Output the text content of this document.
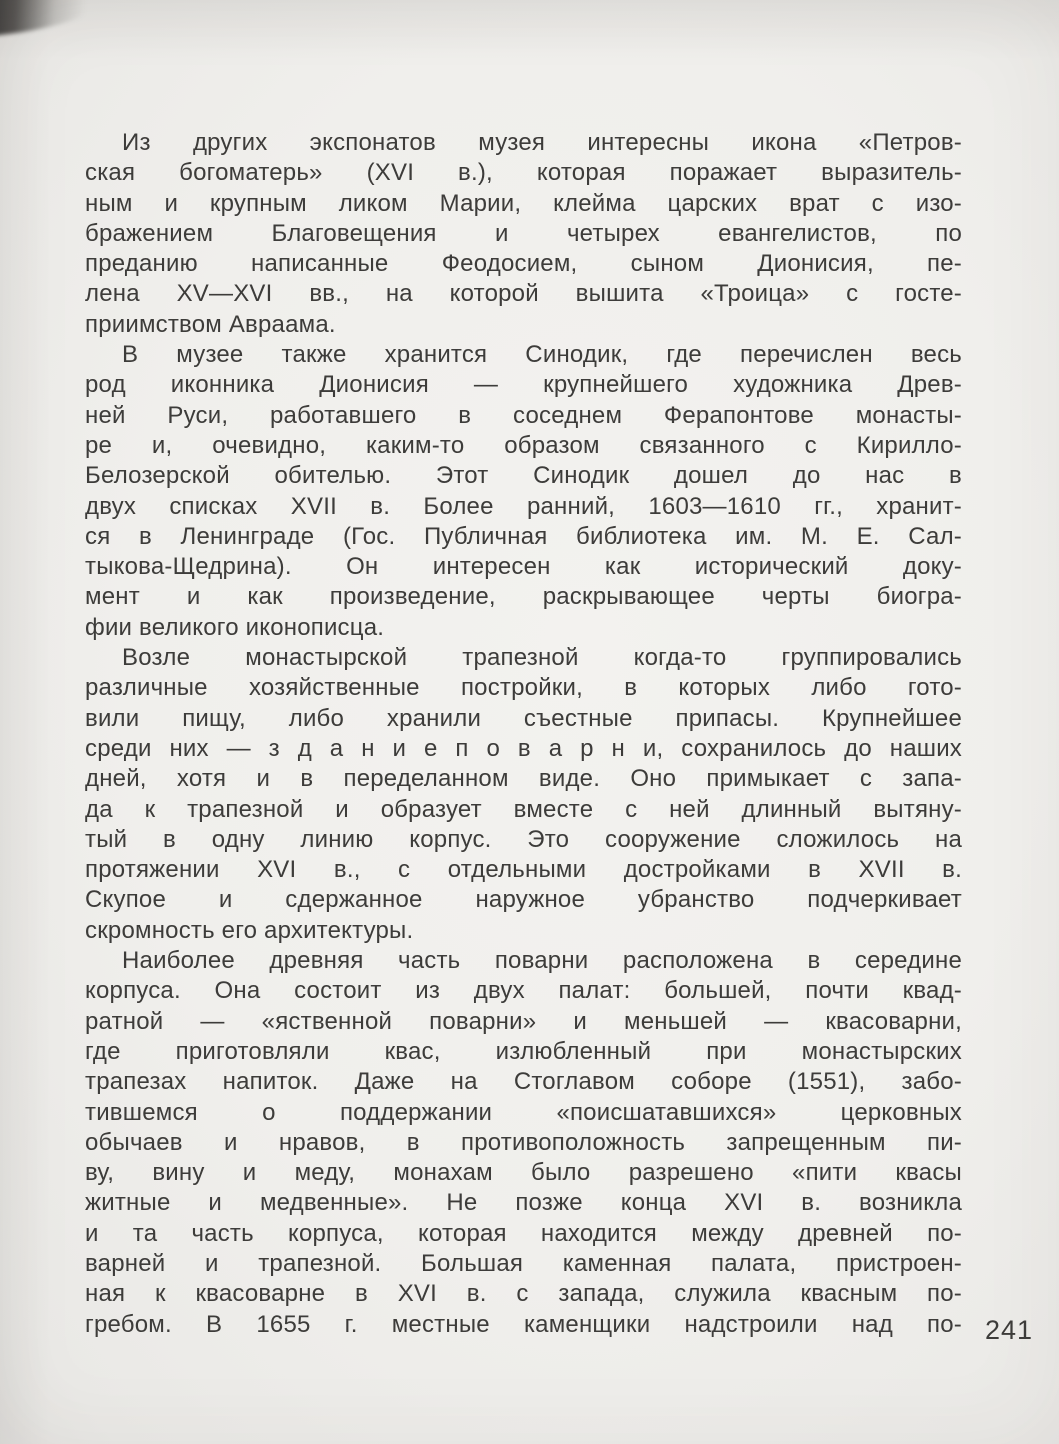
Из других экспонатов музея интересны икона «Петров-
ская богоматерь» (XVI в.), которая поражает выразитель-
ным и крупным ликом Марии, клейма царских врат с изо-
бражением Благовещения и четырех евангелистов, по
преданию написанные Феодосием, сыном Дионисия, пе-
лена XV—XVI вв., на которой вышита «Троица» с госте-
приимством Авраама.
В музее также хранится Синодик, где перечислен весь
род иконника Дионисия — крупнейшего художника Древ-
ней Руси, работавшего в соседнем Ферапонтове монасты-
ре и, очевидно, каким-то образом связанного с Кирилло-
Белозерской обителью. Этот Синодик дошел до нас в
двух списках XVII в. Более ранний, 1603—1610 гг., хранит-
ся в Ленинграде (Гос. Публичная библиотека им. М. Е. Сал-
тыкова-Щедрина). Он интересен как исторический доку-
мент и как произведение, раскрывающее черты биогра-
фии великого иконописца.
Возле монастырской трапезной когда-то группировались
различные хозяйственные постройки, в которых либо гото-
вили пищу, либо хранили съестные припасы. Крупнейшее
среди них — з д а н и е п о в а р н и, сохранилось до наших
дней, хотя и в переделанном виде. Оно примыкает с запа-
да к трапезной и образует вместе с ней длинный вытяну-
тый в одну линию корпус. Это сооружение сложилось на
протяжении XVI в., с отдельными достройками в XVII в.
Скупое и сдержанное наружное убранство подчеркивает
скромность его архитектуры.
Наиболее древняя часть поварни расположена в середине
корпуса. Она состоит из двух палат: большей, почти квад-
ратной — «яственной поварни» и меньшей — квасоварни,
где приготовляли квас, излюбленный при монастырских
трапезах напиток. Даже на Стоглавом соборе (1551), забо-
тившемся о поддержании «поисшатавшихся» церковных
обычаев и нравов, в противоположность запрещенным пи-
ву, вину и меду, монахам было разрешено «пити квасы
житные и медвенные». Не позже конца XVI в. возникла
и та часть корпуса, которая находится между древней по-
варней и трапезной. Большая каменная палата, пристроен-
ная к квасоварне в XVI в. с запада, служила квасным по-
гребом. В 1655 г. местные каменщики надстроили над по- 241
